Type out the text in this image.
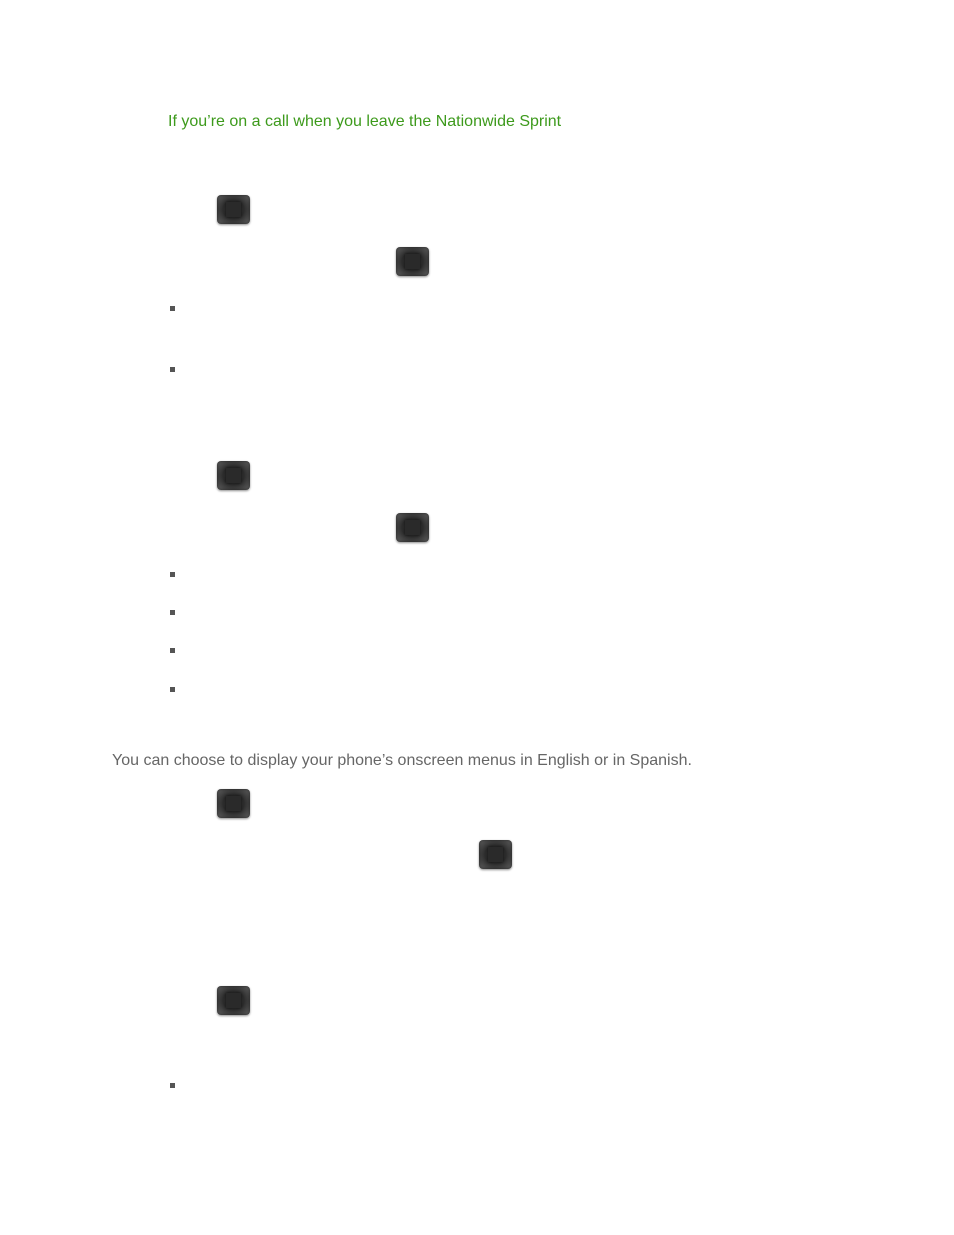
If you’re on a call when you leave the Nationwide Sprint
You can choose to display your phone’s onscreen menus in English or in Spanish.
